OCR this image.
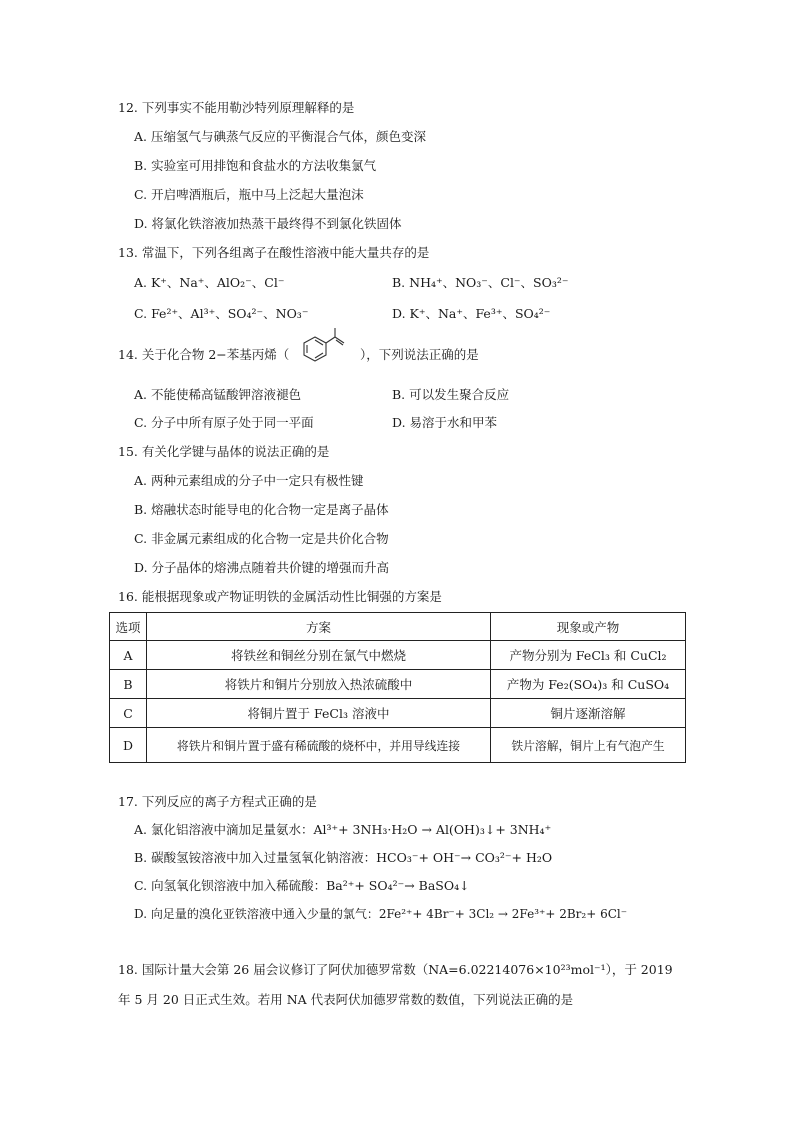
12. 下列事实不能用勒沙特列原理解释的是
A. 压缩氢气与碘蒸气反应的平衡混合气体，颜色变深
B. 实验室可用排饱和食盐水的方法收集氯气
C. 开启啤酒瓶后，瓶中马上泛起大量泡沫
D. 将氯化铁溶液加热蒸干最终得不到氯化铁固体
13. 常温下，下列各组离子在酸性溶液中能大量共存的是
A. K⁺、Na⁺、AlO₂⁻、Cl⁻	B. NH₄⁺、NO₃⁻、Cl⁻、SO₃²⁻
C. Fe²⁺、Al³⁺、SO₄²⁻、NO₃⁻	D. K⁺、Na⁺、Fe³⁺、SO₄²⁻
14. 关于化合物 2−苯基丙烯（	），下列说法正确的是
A. 不能使稀高锰酸钾溶液褪色	B. 可以发生聚合反应
C. 分子中所有原子处于同一平面	D. 易溶于水和甲苯
15. 有关化学键与晶体的说法正确的是
A. 两种元素组成的分子中一定只有极性键
B. 熔融状态时能导电的化合物一定是离子晶体
C. 非金属元素组成的化合物一定是共价化合物
D. 分子晶体的熔沸点随着共价键的增强而升高
16. 能根据现象或产物证明铁的金属活动性比铜强的方案是
选项	方案	现象或产物
A	将铁丝和铜丝分别在氯气中燃烧	产物分别为 FeCl₃ 和 CuCl₂
B	将铁片和铜片分别放入热浓硫酸中	产物为 Fe₂(SO₄)₃ 和 CuSO₄
C	将铜片置于 FeCl₃ 溶液中	铜片逐渐溶解
D	将铁片和铜片置于盛有稀硫酸的烧杯中，并用导线连接	铁片溶解，铜片上有气泡产生
17. 下列反应的离子方程式正确的是
A. 氯化铝溶液中滴加足量氨水：Al³⁺+ 3NH₃·H₂O → Al(OH)₃↓+ 3NH₄⁺
B. 碳酸氢铵溶液中加入过量氢氧化钠溶液：HCO₃⁻+ OH⁻→ CO₃²⁻+ H₂O
C. 向氢氧化钡溶液中加入稀硫酸：Ba²⁺+ SO₄²⁻→ BaSO₄↓
D. 向足量的溴化亚铁溶液中通入少量的氯气：2Fe²⁺+ 4Br⁻+ 3Cl₂ → 2Fe³⁺+ 2Br₂+ 6Cl⁻
18. 国际计量大会第 26 届会议修订了阿伏加德罗常数（NA=6.02214076×10²³mol⁻¹），于 2019
年 5 月 20 日正式生效。若用 NA 代表阿伏加德罗常数的数值，下列说法正确的是
